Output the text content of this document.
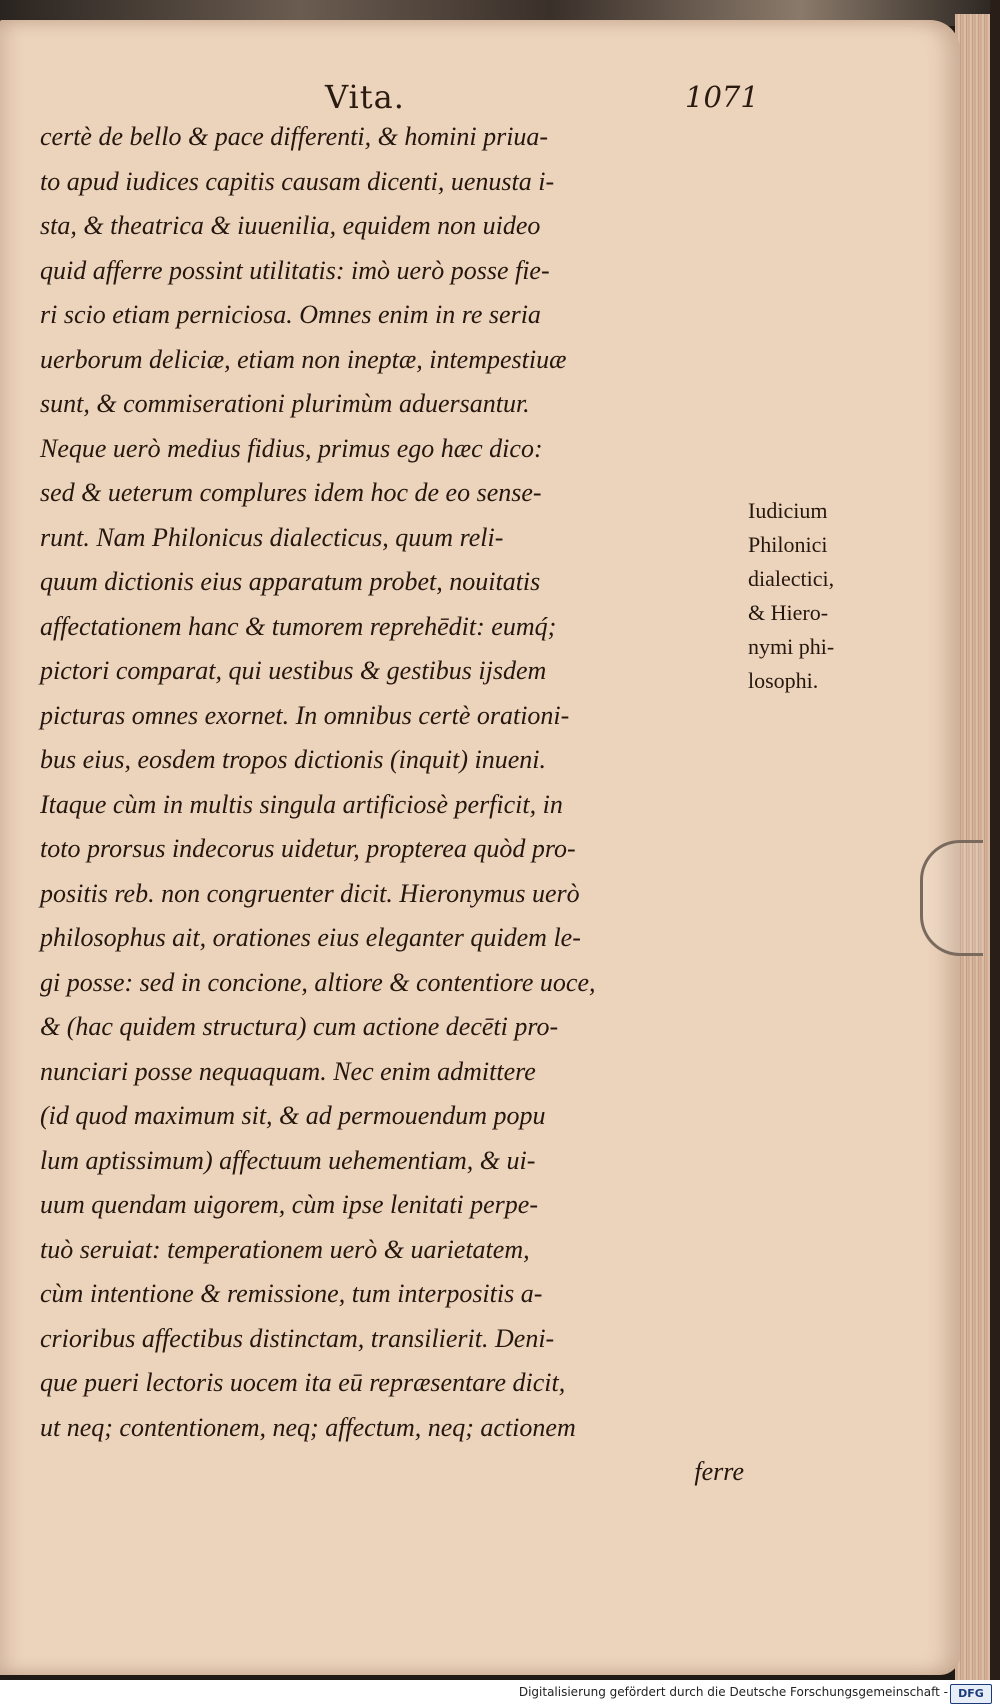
Vita.	1071
certè de bello & pace differenti, & homini priua-
to apud iudices capitis causam dicenti, uenusta i-
sta, & theatrica & iuuenilia, equidem non uideo
quid afferre possint utilitatis: imò uerò posse fie-
ri scio etiam perniciosa. Omnes enim in re seria
uerborum deliciæ, etiam non ineptæ, intempestiuæ
sunt, & commiserationi plurimùm aduersantur.
Neque uerò medius fidius, primus ego hæc dico:
sed & ueterum complures idem hoc de eo sense-
runt. Nam Philonicus dialecticus, quum reli-
quum dictionis eius apparatum probet, nouitatis
affectationem hanc & tumorem reprehēdit: eumq́;
pictori comparat, qui uestibus & gestibus ijsdem
picturas omnes exornet. In omnibus certè orationi-
bus eius, eosdem tropos dictionis (inquit) inueni.
Itaque cùm in multis singula artificiosè perficit, in
toto prorsus indecorus uidetur, propterea quòd pro-
positis reb. non congruenter dicit. Hieronymus uerò
philosophus ait, orationes eius eleganter quidem le-
gi posse: sed in concione, altiore & contentiore uoce,
& (hac quidem structura) cum actione decēti pro-
nunciari posse nequaquam. Nec enim admittere
(id quod maximum sit, & ad permouendum popu
lum aptissimum) affectuum uehementiam, & ui-
uum quendam uigorem, cùm ipse lenitati perpe-
tuò seruiat: temperationem uerò & uarietatem,
cùm intentione & remissione, tum interpositis a-
crioribus affectibus distinctam, transilierit. Deni-
que pueri lectoris uocem ita eū repræsentare dicit,
ut neq; contentionem, neq; affectum, neq; actionem
ferre
Iudicium
Philonici
dialectici,
& Hiero-
nymi phi-
losophi.
Digitalisierung gefördert durch die Deutsche Forschungsgemeinschaft - DFG
